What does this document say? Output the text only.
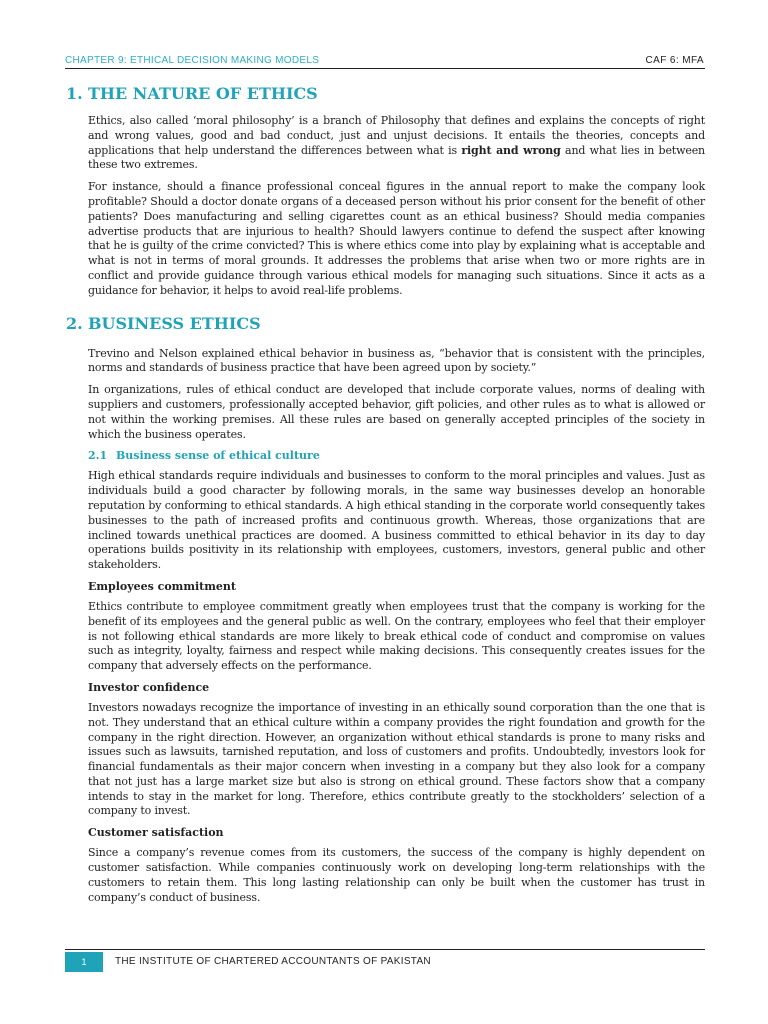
CHAPTER 9: ETHICAL DECISION MAKING MODELS	CAF 6: MFA
1. THE NATURE OF ETHICS

Ethics, also called ‘moral philosophy’ is a branch of Philosophy that defines and explains the concepts of right and wrong values, good and bad conduct, just and unjust decisions. It entails the theories, concepts and applications that help understand the differences between what is right and wrong and what lies in between these two extremes.

For instance, should a finance professional conceal figures in the annual report to make the company look profitable? Should a doctor donate organs of a deceased person without his prior consent for the benefit of other patients? Does manufacturing and selling cigarettes count as an ethical business? Should media companies advertise products that are injurious to health? Should lawyers continue to defend the suspect after knowing that he is guilty of the crime convicted? This is where ethics come into play by explaining what is acceptable and what is not in terms of moral grounds. It addresses the problems that arise when two or more rights are in conflict and provide guidance through various ethical models for managing such situations. Since it acts as a guidance for behavior, it helps to avoid real-life problems.

2. BUSINESS ETHICS

Trevino and Nelson explained ethical behavior in business as, “behavior that is consistent with the principles, norms and standards of business practice that have been agreed upon by society.”

In organizations, rules of ethical conduct are developed that include corporate values, norms of dealing with suppliers and customers, professionally accepted behavior, gift policies, and other rules as to what is allowed or not within the working premises. All these rules are based on generally accepted principles of the society in which the business operates.

2.1 Business sense of ethical culture

High ethical standards require individuals and businesses to conform to the moral principles and values. Just as individuals build a good character by following morals, in the same way businesses develop an honorable reputation by conforming to ethical standards. A high ethical standing in the corporate world consequently takes businesses to the path of increased profits and continuous growth. Whereas, those organizations that are inclined towards unethical practices are doomed. A business committed to ethical behavior in its day to day operations builds positivity in its relationship with employees, customers, investors, general public and other stakeholders.

Employees commitment

Ethics contribute to employee commitment greatly when employees trust that the company is working for the benefit of its employees and the general public as well. On the contrary, employees who feel that their employer is not following ethical standards are more likely to break ethical code of conduct and compromise on values such as integrity, loyalty, fairness and respect while making decisions. This consequently creates issues for the company that adversely effects on the performance.

Investor confidence

Investors nowadays recognize the importance of investing in an ethically sound corporation than the one that is not. They understand that an ethical culture within a company provides the right foundation and growth for the company in the right direction. However, an organization without ethical standards is prone to many risks and issues such as lawsuits, tarnished reputation, and loss of customers and profits. Undoubtedly, investors look for financial fundamentals as their major concern when investing in a company but they also look for a company that not just has a large market size but also is strong on ethical ground. These factors show that a company intends to stay in the market for long. Therefore, ethics contribute greatly to the stockholders’ selection of a company to invest.

Customer satisfaction

Since a company’s revenue comes from its customers, the success of the company is highly dependent on customer satisfaction. While companies continuously work on developing long-term relationships with the customers to retain them. This long lasting relationship can only be built when the customer has trust in company’s conduct of business.

1	THE INSTITUTE OF CHARTERED ACCOUNTANTS OF PAKISTAN
